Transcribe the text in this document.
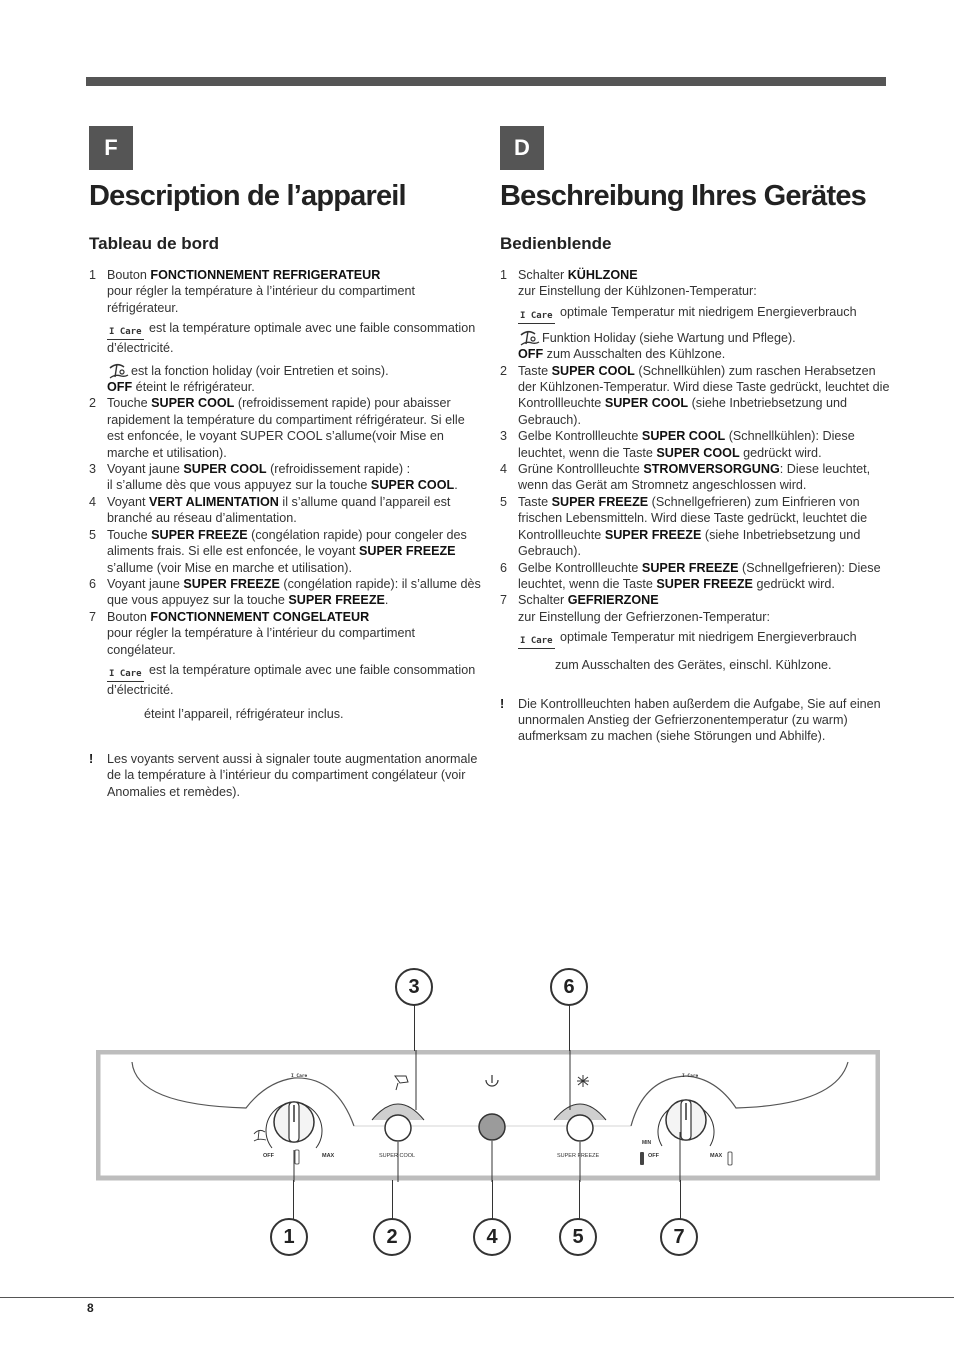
F	D
Description de l’appareil
Tableau de bord
1 Bouton FONCTIONNEMENT REFRIGERATEUR
pour régler la température à l’intérieur du compartiment réfrigérateur.
I Care est la température optimale avec une faible consommation d’électricité.
est la fonction holiday (voir Entretien et soins).
OFF éteint le réfrigérateur.
2 Touche SUPER COOL (refroidissement rapide) pour abaisser rapidement la température du compartiment réfrigérateur. Si elle est enfoncée, le voyant SUPER COOL s’allume(voir Mise en marche et utilisation).
3 Voyant jaune SUPER COOL (refroidissement rapide) :
il s’allume dès que vous appuyez sur la touche SUPER COOL.
4 Voyant VERT ALIMENTATION il s’allume quand l’appareil est branché au réseau d’alimentation.
5 Touche SUPER FREEZE (congélation rapide) pour congeler des aliments frais. Si elle est enfoncée, le voyant SUPER FREEZE s’allume (voir Mise en marche et utilisation).
6 Voyant jaune SUPER FREEZE (congélation rapide): il s’allume dès que vous appuyez sur la touche SUPER FREEZE.
7 Bouton FONCTIONNEMENT CONGELATEUR
pour régler la température à l’intérieur du compartiment congélateur.
I Care est la température optimale avec une faible consommation d’électricité.
éteint l’appareil, réfrigérateur inclus.
! Les voyants servent aussi à signaler toute augmentation anormale de la température à l’intérieur du compartiment congélateur (voir Anomalies et remèdes).
Beschreibung Ihres Gerätes
Bedienblende
1 Schalter KÜHLZONE
zur Einstellung der Kühlzonen-Temperatur:
I Care optimale Temperatur mit niedrigem Energieverbrauch
Funktion Holiday (siehe Wartung und Pflege).
OFF zum Ausschalten des Kühlzone.
2 Taste SUPER COOL (Schnellkühlen) zum raschen Herabsetzen der Kühlzonen-Temperatur. Wird diese Taste gedrückt, leuchtet die Kontrollleuchte SUPER COOL (siehe Inbetriebsetzung und Gebrauch).
3 Gelbe Kontrollleuchte SUPER COOL (Schnellkühlen): Diese leuchtet, wenn die Taste SUPER COOL gedrückt wird.
4 Grüne Kontrollleuchte STROMVERSORGUNG: Diese leuchtet, wenn das Gerät am Stromnetz angeschlossen wird.
5 Taste SUPER FREEZE (Schnellgefrieren) zum Einfrieren von frischen Lebensmitteln. Wird diese Taste gedrückt, leuchtet die Kontrollleuchte SUPER FREEZE (siehe Inbetriebsetzung und Gebrauch).
6 Gelbe Kontrollleuchte SUPER FREEZE (Schnellgefrieren): Diese leuchtet, wenn die Taste SUPER FREEZE gedrückt wird.
7 Schalter GEFRIERZONE
zur Einstellung der Gefrierzonen-Temperatur:
I Care optimale Temperatur mit niedrigem Energieverbrauch
zum Ausschalten des Gerätes, einschl. Kühlzone.
! Die Kontrollleuchten haben außerdem die Aufgabe, Sie auf einen unnormalen Anstieg der Gefrierzonentemperatur (zu warm) aufmerksam zu machen (siehe Störungen und Abhilfe).
I Care
OFF	MAX	SUPER COOL	SUPER FREEZE
I Care
MIN
OFF	MAX
3	6
1	2	4	5	7
8
